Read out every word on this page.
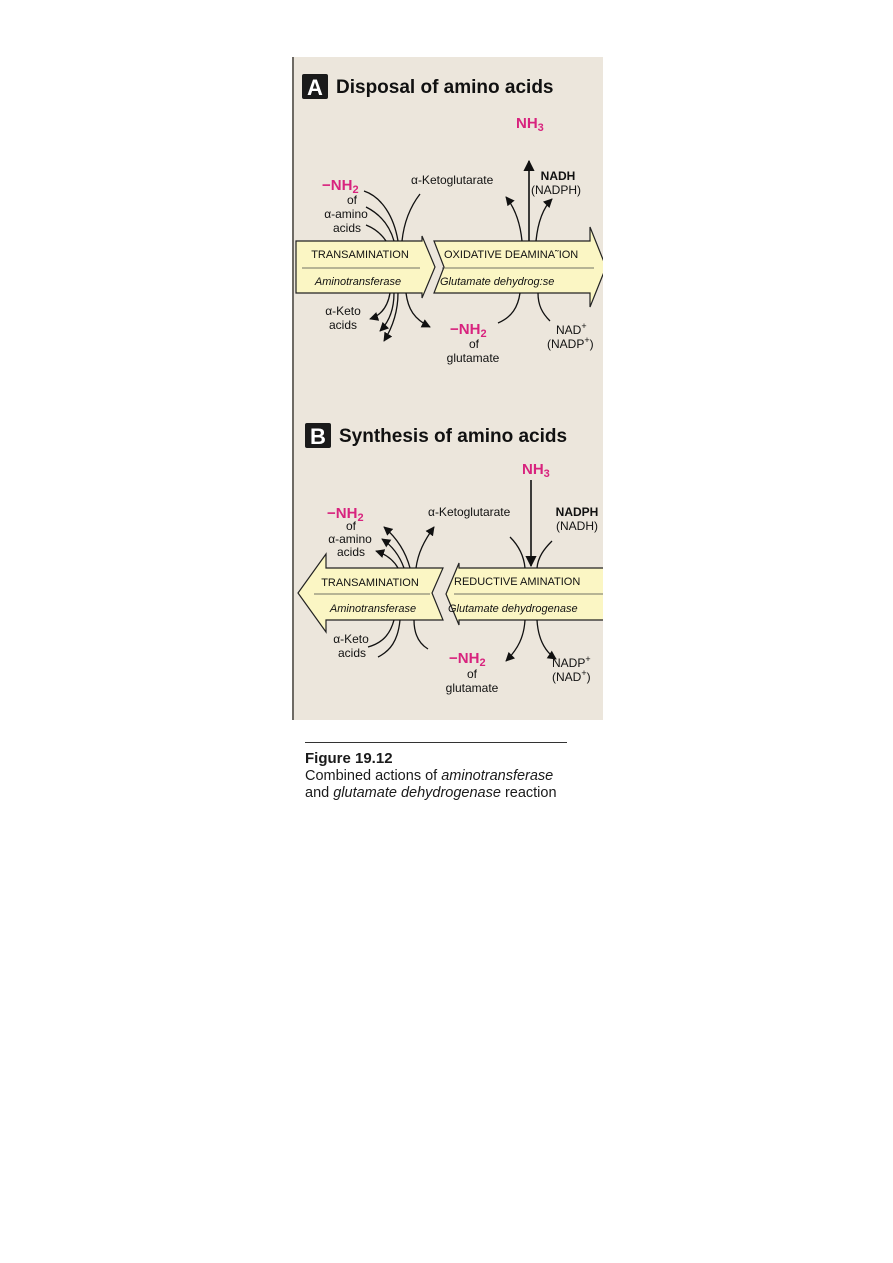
A Disposal of amino acids
$NH_3$
$-NH_2$
of
α-amino
acids
α-Ketoglutarate	NADH
(NADPH)
TRANSAMINATION
Aminotransferase
OXIDATIVE DEAMINA˜ION
Glutamate dehydrog:se
α-Keto
acids	$-NH_2$
of
glutamate
NAD+
(NADP+)
B Synthesis of amino acids
$NH_3$
$-NH_2$
of
α-amino
acids
α-Ketoglutarate	NADPH
(NADH)
TRANSAMINATION
Aminotransferase
REDUCTIVE AMINATION
Glutamate dehydrogenase
α-Keto
acids	$-NH_2$
of
glutamate
NADP+
(NAD+)
Figure 19.12
Combined actions of aminotransferase
and glutamate dehydrogenase reaction
